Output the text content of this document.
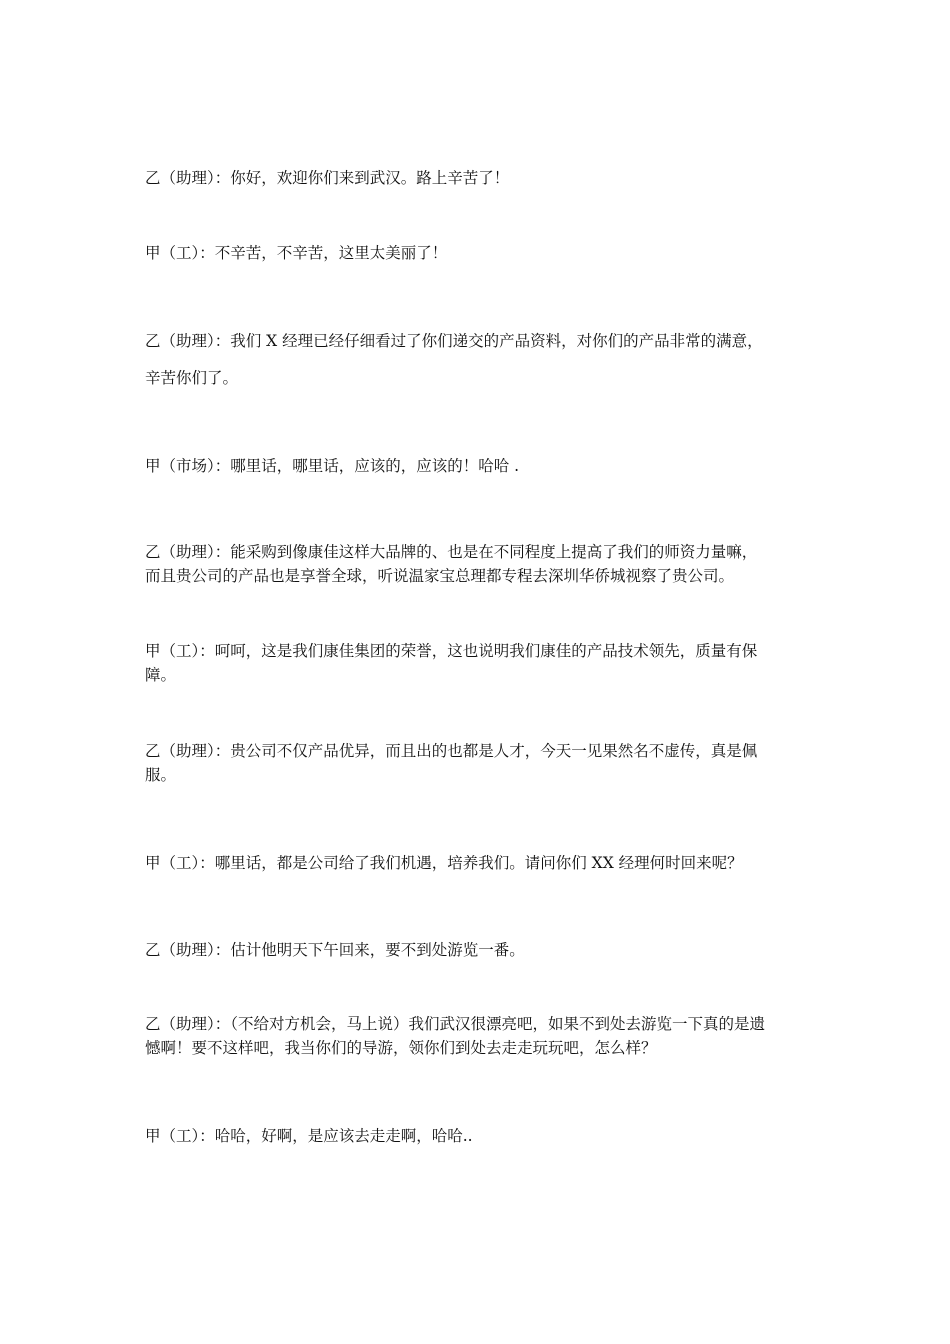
乙（助理）：你好，欢迎你们来到武汉。路上辛苦了！
甲（工）：不辛苦，不辛苦，这里太美丽了！
乙（助理）：我们 X 经理已经仔细看过了你们递交的产品资料，对你们的产品非常的满意，
辛苦你们了。
甲（市场）：哪里话，哪里话，应该的，应该的！哈哈 .
乙（助理）：能采购到像康佳这样大品牌的、也是在不同程度上提高了我们的师资力量嘛，
而且贵公司的产品也是享誉全球，听说温家宝总理都专程去深圳华侨城视察了贵公司。
甲（工）：呵呵，这是我们康佳集团的荣誉，这也说明我们康佳的产品技术领先，质量有保
障。
乙（助理）：贵公司不仅产品优异，而且出的也都是人才，今天一见果然名不虚传，真是佩
服。
甲（工）：哪里话，都是公司给了我们机遇，培养我们。请问你们 XX 经理何时回来呢？
乙（助理）：估计他明天下午回来，要不到处游览一番。
乙（助理）：（不给对方机会，马上说）我们武汉很漂亮吧，如果不到处去游览一下真的是遗
憾啊！要不这样吧，我当你们的导游，领你们到处去走走玩玩吧，怎么样？
甲（工）：哈哈，好啊，是应该去走走啊，哈哈..
